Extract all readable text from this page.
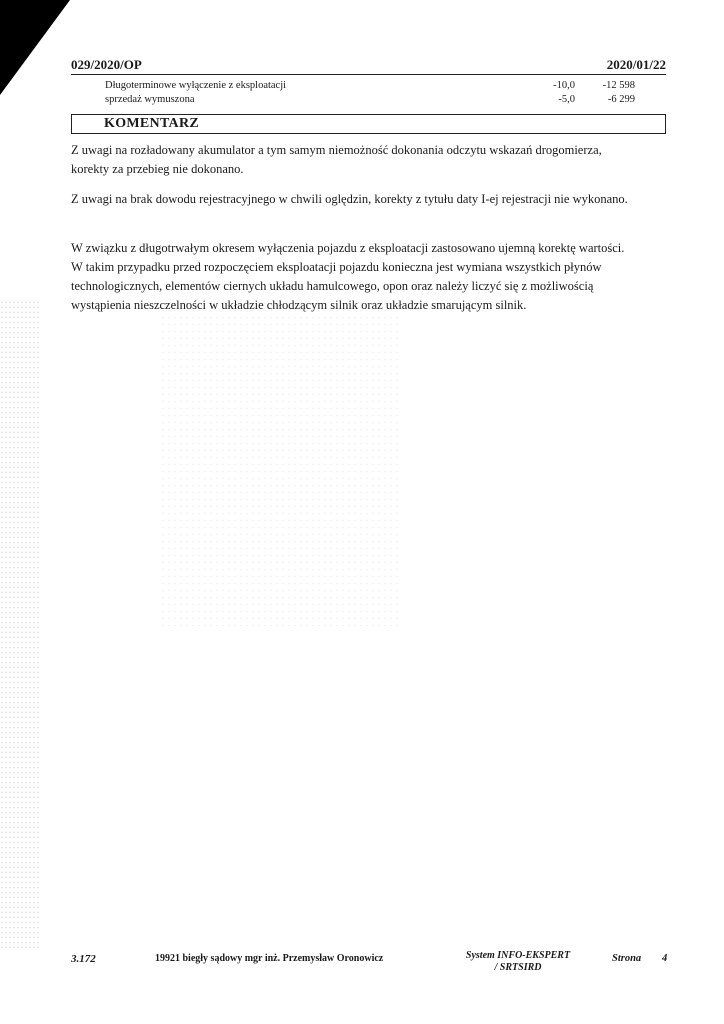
029/2020/OP	2020/01/22
Długoterminowe wyłączenie z eksploatacji	-10,0	-12 598
sprzedaż wymuszona	-5,0	-6 299
KOMENTARZ
Z uwagi na rozładowany akumulator a tym samym niemożność dokonania odczytu wskazań drogomierza, korekty za przebieg nie dokonano.
Z uwagi na brak dowodu rejestracyjnego w chwili oględzin, korekty z tytułu daty I-ej rejestracji nie wykonano.
W związku z długotrwałym okresem wyłączenia pojazdu z eksploatacji zastosowano ujemną korektę wartości. W takim przypadku przed rozpoczęciem eksploatacji pojazdu konieczna jest wymiana wszystkich płynów technologicznych, elementów ciernych układu hamulcowego, opon oraz należy liczyć się z możliwością wystąpienia nieszczelności w układzie chłodzącym silnik oraz układzie smarującym silnik.
3.172	19921 biegły sądowy mgr inż. Przemysław Oronowicz	System INFO-EKSPERT
/ SRTSIRD
Strona 4
